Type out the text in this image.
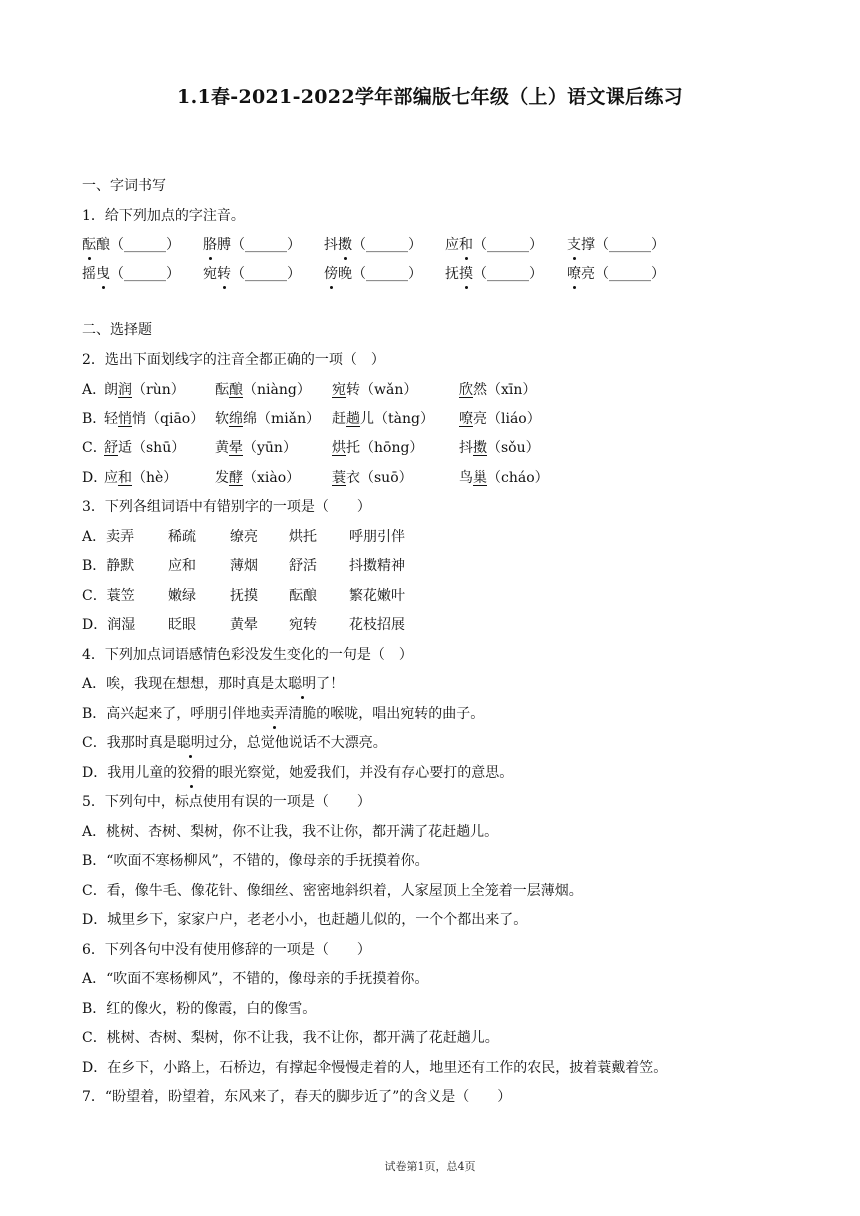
1.1春-2021-2022学年部编版七年级（上）语文课后练习
一、字词书写
1．给下列加点的字注音。
酝酿（______） 胳膊（______） 抖擞（______） 应和（______） 支撑（______）
摇曳（______） 宛转（______） 傍晚（______） 抚摸（______） 嘹亮（______）
二、选择题
2．选出下面划线字的注音全都正确的一项（　）
A．
朗润（rùn） 酝酿（niàng） 宛转（wǎn）	欣然（xīn）
B．
轻悄悄（qiāo） 软绵绵（miǎn） 赶趟儿（tàng） 嘹亮（liáo）
C．
舒适（shū） 黄晕（yūn）	烘托（hōng）	抖擞（sǒu）
D．
应和（hè）	发酵（xiào） 蓑衣（suō）	鸟巢（cháo）
3．下列各组词语中有错别字的一项是（　　）
A．卖弄 稀疏 缭亮 烘托 呼朋引伴
B．静默 应和 薄烟 舒活 抖擞精神
C．蓑笠 嫩绿 抚摸 酝酿 繁花嫩叶
D．润湿 眨眼 黄晕 宛转 花枝招展
4．下列加点词语感情色彩没发生变化的一句是（　）
A．唉，我现在想想，那时真是太聪明了！
B．高兴起来了，呼朋引伴地卖弄清脆的喉咙，唱出宛转的曲子。
C．我那时真是聪明过分，总觉他说话不大漂亮。
D．我用儿童的狡猾的眼光察觉，她爱我们，并没有存心要打的意思。
5．下列句中，标点使用有误的一项是（　　）
A．桃树、杏树、梨树，你不让我，我不让你，都开满了花赶趟儿。
B．“吹面不寒杨柳风”，不错的，像母亲的手抚摸着你。
C．看，像牛毛、像花针、像细丝、密密地斜织着，人家屋顶上全笼着一层薄烟。
D．城里乡下，家家户户，老老小小，也赶趟儿似的，一个个都出来了。
6．下列各句中没有使用修辞的一项是（　　）
A．“吹面不寒杨柳风”，不错的，像母亲的手抚摸着你。
B．红的像火，粉的像霞，白的像雪。
C．桃树、杏树、梨树，你不让我，我不让你，都开满了花赶趟儿。
D．在乡下，小路上，石桥边，有撑起伞慢慢走着的人，地里还有工作的农民，披着蓑戴着笠。
7．“盼望着，盼望着，东风来了，春天的脚步近了”的含义是（　　）
试卷第1页，总4页
